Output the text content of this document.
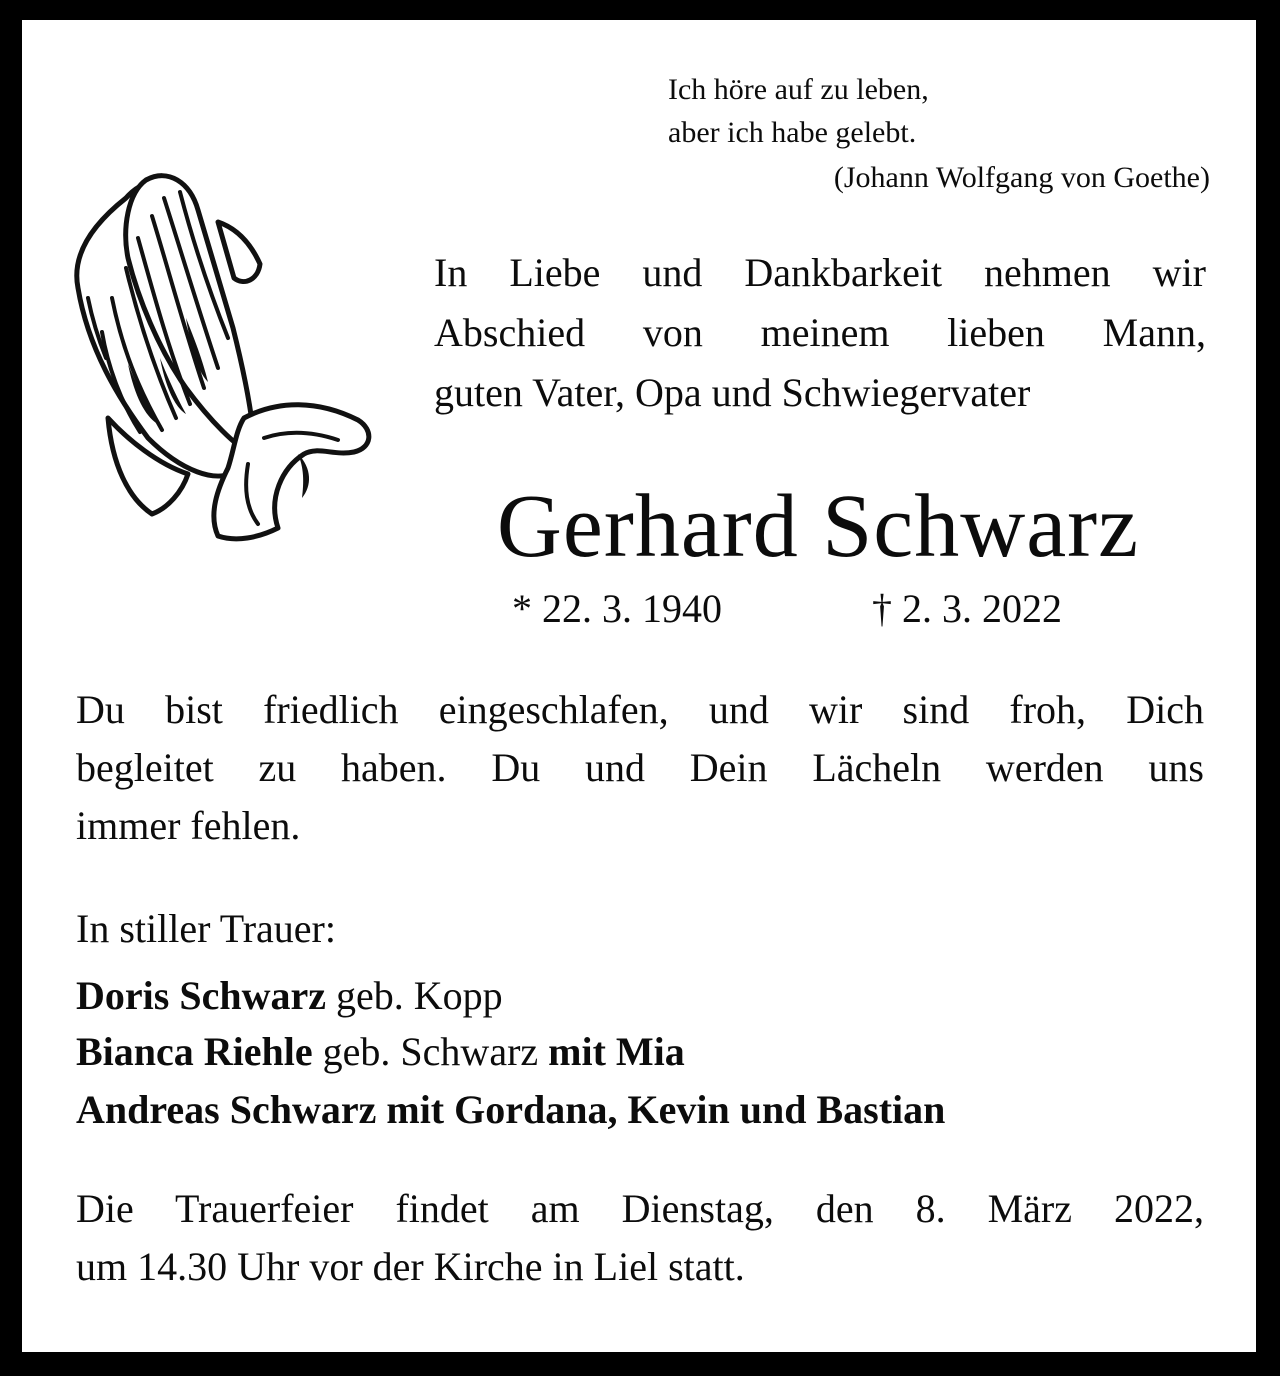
Ich höre auf zu leben,

aber ich habe gelebt.

(Johann Wolfgang von Goethe)

In Liebe und Dankbarkeit nehmen wir
Abschied von meinem lieben Mann,
guten Vater, Opa und Schwiegervater

Gerhard Schwarz

* 22. 3. 1940	† 2. 3. 2022

Du bist friedlich eingeschlafen, und wir sind froh, Dich
begleitet zu haben. Du und Dein Lächeln werden uns
immer fehlen.

In stiller Trauer:

Doris Schwarz geb. Kopp

Bianca Riehle geb. Schwarz mit Mia

Andreas Schwarz mit Gordana, Kevin und Bastian

Die Trauerfeier findet am Dienstag, den 8. März 2022,
um 14.30 Uhr vor der Kirche in Liel statt.
